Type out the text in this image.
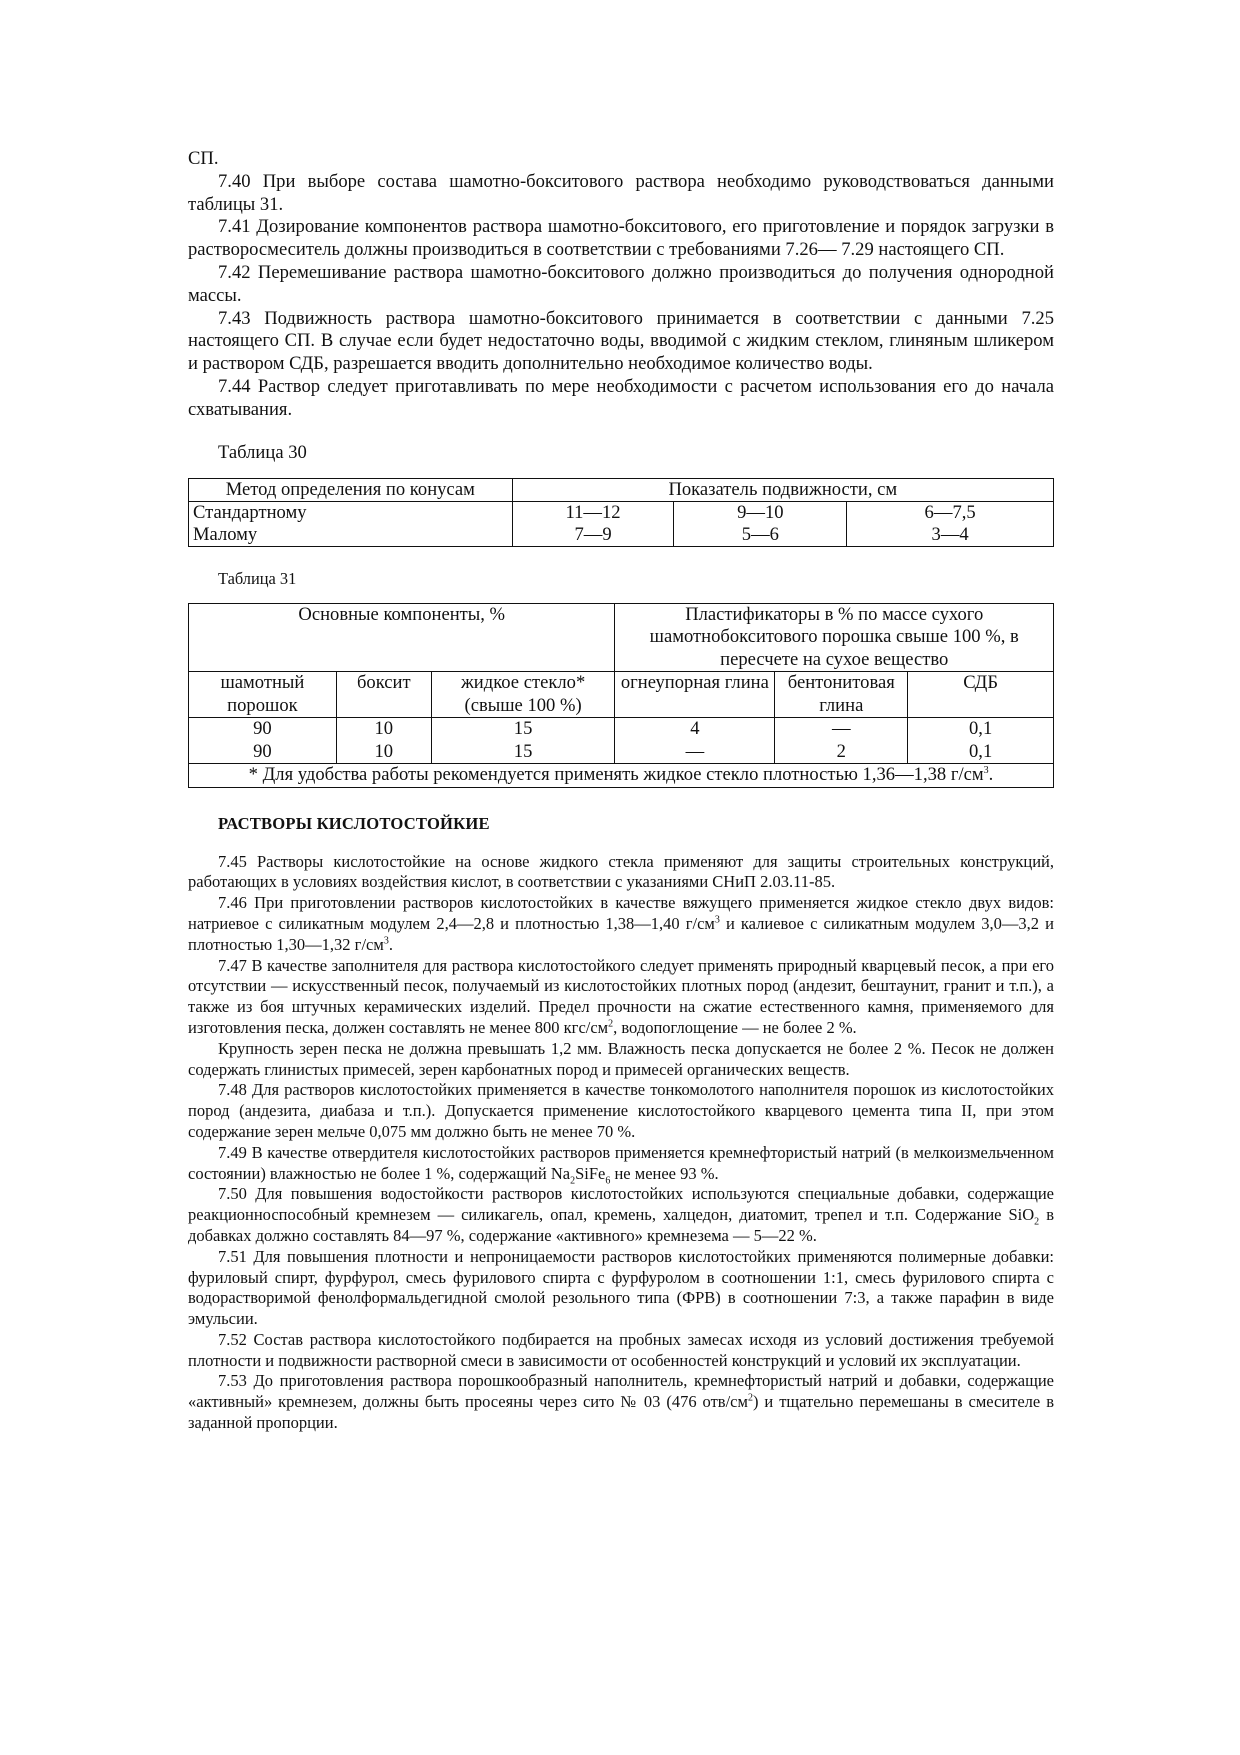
СП.

7.40 При выборе состава шамотно-бокситового раствора необходимо руководствоваться данными таблицы 31.

7.41 Дозирование компонентов раствора шамотно-бокситового, его приготовление и порядок загрузки в растворосмеситель должны производиться в соответствии с требованиями 7.26— 7.29 настоящего СП.

7.42 Перемешивание раствора шамотно-бокситового должно производиться до получения однородной массы.

7.43 Подвижность раствора шамотно-бокситового принимается в соответствии с данными 7.25 настоящего СП. В случае если будет недостаточно воды, вводимой с жидким стеклом, глиняным шликером и раствором СДБ, разрешается вводить дополнительно необходимое количество воды.

7.44 Раствор следует приготавливать по мере необходимости с расчетом использования его до начала схватывания.

Таблица 30

Метод определения по конусам	Показатель подвижности, см		
Стандартному	11—12	9—10	6—7,5
Малому	7—9	5—6	3—4

Таблица 31

Основные компоненты, %			Пластификаторы в % по массе сухого шамотнобокситового порошка свыше 100 %, в пересчете на сухое вещество		
шамотный порошок	боксит	жидкое стекло* (свыше 100 %)	огнеупорная глина	бентонитовая глина	СДБ
90	10	15	4	—	0,1
90	10	15	—	2	0,1
* Для удобства работы рекомендуется применять жидкое стекло плотностью 1,36—1,38 $г/см^3$.					

РАСТВОРЫ КИСЛОТОСТОЙКИЕ

7.45 Растворы кислотостойкие на основе жидкого стекла применяют для защиты строительных конструкций, работающих в условиях воздействия кислот, в соответствии с указаниями СНиП 2.03.11-85.

7.46 При приготовлении растворов кислотостойких в качестве вяжущего применяется жидкое стекло двух видов: натриевое с силикатным модулем 2,4—2,8 и плотностью 1,38—1,40 $г/см^3$ и калиевое с силикатным модулем 3,0—3,2 и плотностью 1,30—1,32 $г/см^3$.

7.47 В качестве заполнителя для раствора кислотостойкого следует применять природный кварцевый песок, а при его отсутствии — искусственный песок, получаемый из кислотостойких плотных пород (андезит, бештаунит, гранит и т.п.), а также из боя штучных керамических изделий. Предел прочности на сжатие естественного камня, применяемого для изготовления песка, должен составлять не менее 800 кгс/$см^2$, водопоглощение — не более 2 %.

Крупность зерен песка не должна превышать 1,2 мм. Влажность песка допускается не более 2 %. Песок не должен содержать глинистых примесей, зерен карбонатных пород и примесей органических веществ.

7.48 Для растворов кислотостойких применяется в качестве тонкомолотого наполнителя порошок из кислотостойких пород (андезита, диабаза и т.п.). Допускается применение кислотостойкого кварцевого цемента типа II, при этом содержание зерен мельче 0,075 мм должно быть не менее 70 %.

7.49 В качестве отвердителя кислотостойких растворов применяется кремнефтористый натрий (в мелкоизмельченном состоянии) влажностью не более 1 %, содержащий $Na_2SiFe_6$ не менее 93 %.

7.50 Для повышения водостойкости растворов кислотостойких используются специальные добавки, содержащие реакционноспособный кремнезем — силикагель, опал, кремень, халцедон, диатомит, трепел и т.п. Содержание SiO$_2$ в добавках должно составлять 84—97 %, содержание «активного» кремнезема — 5—22 %.

7.51 Для повышения плотности и непроницаемости растворов кислотостойких применяются полимерные добавки: фуриловый спирт, фурфурол, смесь фурилового спирта с фурфуролом в соотношении 1:1, смесь фурилового спирта с водорастворимой фенолформальдегидной смолой резольного типа (ФРВ) в соотношении 7:3, а также парафин в виде эмульсии.

7.52 Состав раствора кислотостойкого подбирается на пробных замесах исходя из условий достижения требуемой плотности и подвижности растворной смеси в зависимости от особенностей конструкций и условий их эксплуатации.

7.53 До приготовления раствора порошкообразный наполнитель, кремнефтористый натрий и добавки, содержащие «активный» кремнезем, должны быть просеяны через сито № 03 (476 отв/$см^2$) и тщательно перемешаны в смесителе в заданной пропорции.
